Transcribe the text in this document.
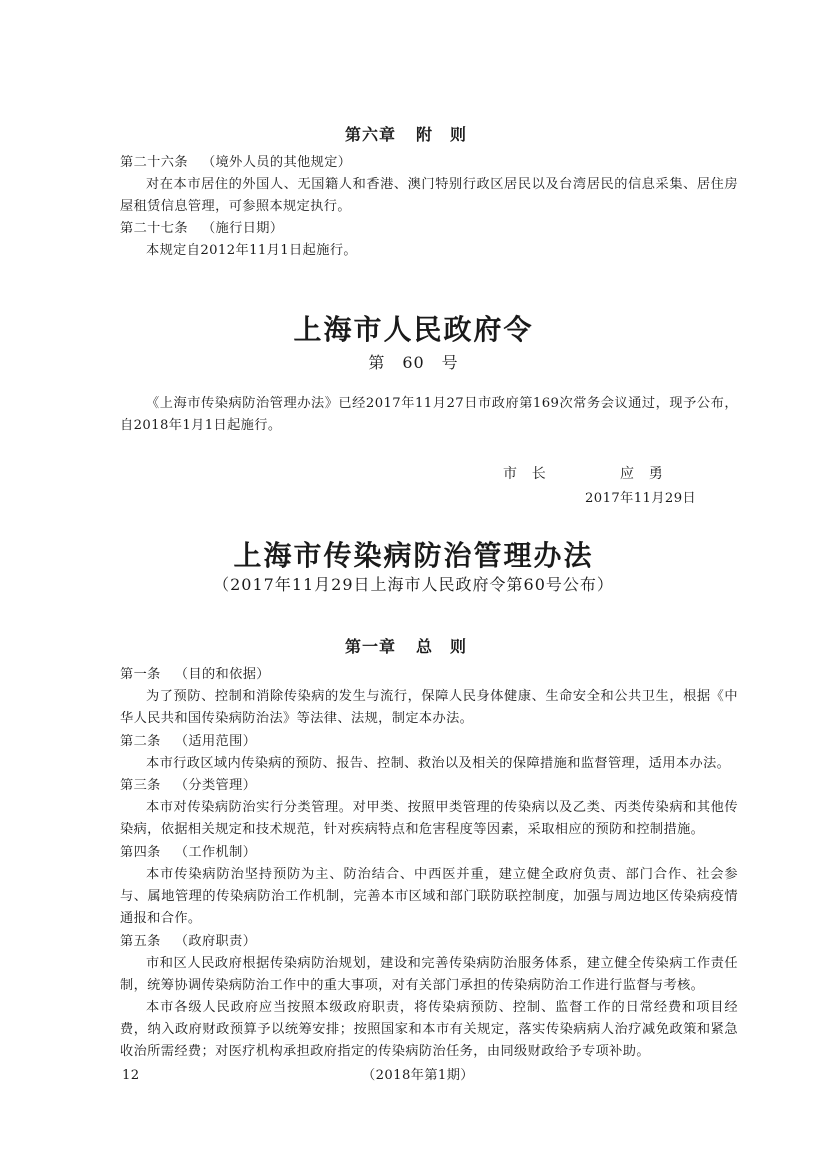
第六章 附　则
第二十六条 （境外人员的其他规定）
对在本市居住的外国人、无国籍人和香港、澳门特别行政区居民以及台湾居民的信息采集、居住房屋租赁信息管理，可参照本规定执行。
第二十七条 （施行日期）
本规定自2012年11月1日起施行。
上海市人民政府令
第　60　号
《上海市传染病防治管理办法》已经2017年11月27日市政府第169次常务会议通过，现予公布，自2018年1月1日起施行。
市　长	应　勇
2017年11月29日
上海市传染病防治管理办法
（2017年11月29日上海市人民政府令第60号公布）
第一章 总　则
第一条 （目的和依据）
为了预防、控制和消除传染病的发生与流行，保障人民身体健康、生命安全和公共卫生，根据《中华人民共和国传染病防治法》等法律、法规，制定本办法。
第二条 （适用范围）
本市行政区域内传染病的预防、报告、控制、救治以及相关的保障措施和监督管理，适用本办法。
第三条 （分类管理）
本市对传染病防治实行分类管理。对甲类、按照甲类管理的传染病以及乙类、丙类传染病和其他传染病，依据相关规定和技术规范，针对疾病特点和危害程度等因素，采取相应的预防和控制措施。
第四条 （工作机制）
本市传染病防治坚持预防为主、防治结合、中西医并重，建立健全政府负责、部门合作、社会参与、属地管理的传染病防治工作机制，完善本市区域和部门联防联控制度，加强与周边地区传染病疫情通报和合作。
第五条 （政府职责）
市和区人民政府根据传染病防治规划，建设和完善传染病防治服务体系，建立健全传染病工作责任制，统筹协调传染病防治工作中的重大事项，对有关部门承担的传染病防治工作进行监督与考核。
本市各级人民政府应当按照本级政府职责，将传染病预防、控制、监督工作的日常经费和项目经费，纳入政府财政预算予以统筹安排；按照国家和本市有关规定，落实传染病病人治疗减免政策和紧急收治所需经费；对医疗机构承担政府指定的传染病防治任务，由同级财政给予专项补助。
12	（2018年第1期）
